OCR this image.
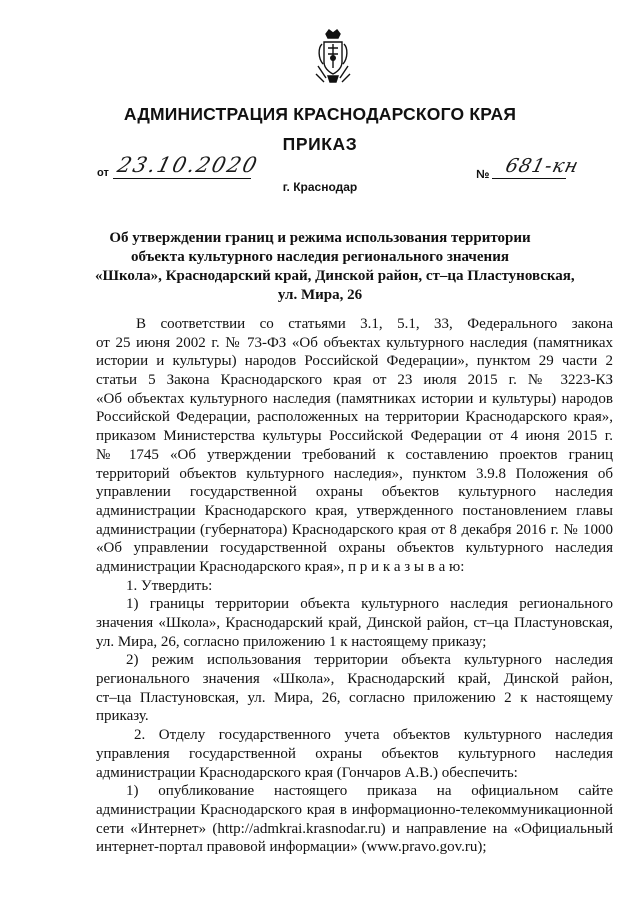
АДМИНИСТРАЦИЯ КРАСНОДАРСКОГО КРАЯ
ПРИКАЗ
от 23.10.2020	№ 681-кн
г. Краснодар
Об утверждении границ и режима использования территории
объекта культурного наследия регионального значения
«Школа», Краснодарский край, Динской район, ст–ца Пластуновская,
ул. Мира, 26
В соответствии со статьями 3.1, 5.1, 33, Федерального закона
от 25 июня 2002 г. № 73-ФЗ «Об объектах культурного наследия (памятниках
истории и культуры) народов Российской Федерации», пунктом 29 части 2
статьи 5 Закона Краснодарского края от 23 июля 2015 г. № 3223-КЗ
«Об объектах культурного наследия (памятниках истории и культуры) народов
Российской Федерации, расположенных на территории Краснодарского края»,
приказом Министерства культуры Российской Федерации от 4 июня 2015 г.
№ 1745 «Об утверждении требований к составлению проектов границ
территорий объектов культурного наследия», пунктом 3.9.8 Положения об
управлении государственной охраны объектов культурного наследия
администрации Краснодарского края, утвержденного постановлением главы
администрации (губернатора) Краснодарского края от 8 декабря 2016 г. № 1000
«Об управлении государственной охраны объектов культурного наследия
администрации Краснодарского края», п р и к а з ы в а ю:
1. Утвердить:
1) границы территории объекта культурного наследия регионального
значения «Школа», Краснодарский край, Динской район, ст–ца Пластуновская,
ул. Мира, 26, согласно приложению 1 к настоящему приказу;
2) режим использования территории объекта культурного наследия
регионального значения «Школа», Краснодарский край, Динской район,
ст–ца Пластуновская, ул. Мира, 26, согласно приложению 2 к настоящему
приказу.
2. Отделу государственного учета объектов культурного наследия
управления государственной охраны объектов культурного наследия
администрации Краснодарского края (Гончаров А.В.) обеспечить:
1) опубликование настоящего приказа на официальном сайте
администрации Краснодарского края в информационно-телекоммуникационной
сети «Интернет» (http://admkrai.krasnodar.ru) и направление на «Официальный
интернет-портал правовой информации» (www.pravo.gov.ru);
